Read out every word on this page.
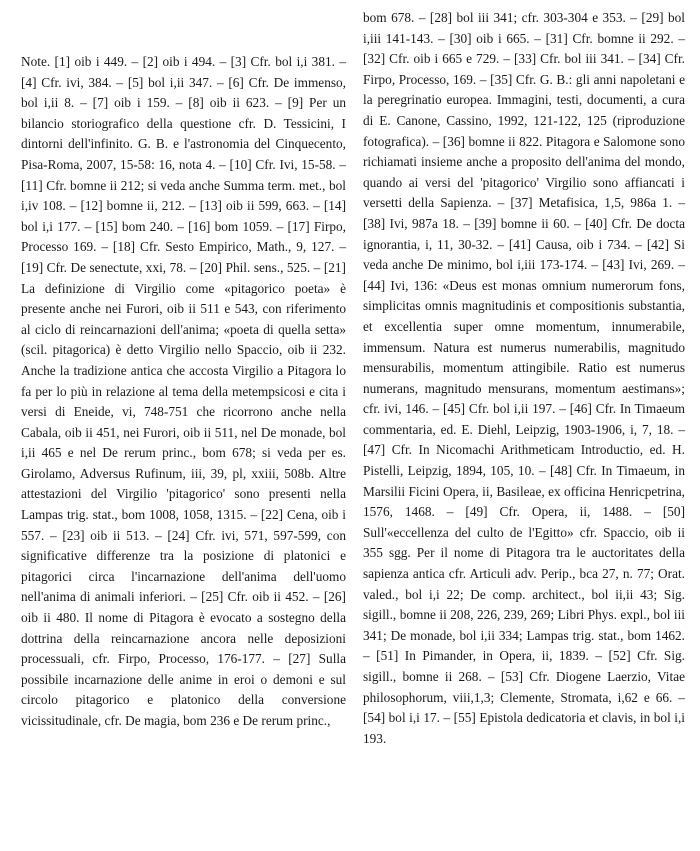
Note. [1] oib i 449. – [2] oib i 494. – [3] Cfr. bol i,i 381. – [4] Cfr. ivi, 384. – [5] bol i,ii 347. – [6] Cfr. De immenso, bol i,ii 8. – [7] oib i 159. – [8] oib ii 623. – [9] Per un bilancio storiografico della questione cfr. D. Tessicini, I dintorni dell'infinito. G. B. e l'astronomia del Cinquecento, Pisa-Roma, 2007, 15-58: 16, nota 4. – [10] Cfr. Ivi, 15-58. – [11] Cfr. bomne ii 212; si veda anche Summa term. met., bol i,iv 108. – [12] bomne ii, 212. – [13] oib ii 599, 663. – [14] bol i,i 177. – [15] bom 240. – [16] bom 1059. – [17] Firpo, Processo 169. – [18] Cfr. Sesto Empirico, Math., 9, 127. – [19] Cfr. De senectute, xxi, 78. – [20] Phil. sens., 525. – [21] La definizione di Virgilio come «pitagorico poeta» è presente anche nei Furori, oib ii 511 e 543, con riferimento al ciclo di reincarnazioni dell'anima; «poeta di quella setta» (scil. pitagorica) è detto Virgilio nello Spaccio, oib ii 232. Anche la tradizione antica che accosta Virgilio a Pitagora lo fa per lo più in relazione al tema della metempsicosi e cita i versi di Eneide, vi, 748-751 che ricorrono anche nella Cabala, oib ii 451, nei Furori, oib ii 511, nel De monade, bol i,ii 465 e nel De rerum princ., bom 678; si veda per es. Girolamo, Adversus Rufinum, iii, 39, pl, xxiii, 508b. Altre attestazioni del Virgilio 'pitagorico' sono presenti nella Lampas trig. stat., bom 1008, 1058, 1315. – [22] Cena, oib i 557. – [23] oib ii 513. – [24] Cfr. ivi, 571, 597-599, con significative differenze tra la posizione di platonici e pitagorici circa l'incarnazione dell'anima dell'uomo nell'anima di animali inferiori. – [25] Cfr. oib ii 452. – [26] oib ii 480. Il nome di Pitagora è evocato a sostegno della dottrina della reincarnazione ancora nelle deposizioni processuali, cfr. Firpo, Processo, 176-177. – [27] Sulla possibile incarnazione delle anime in eroi o demoni e sul circolo pitagorico e platonico della conversione vicissitudinale, cfr. De magia, bom 236 e De rerum princ.,

bom 678. – [28] bol iii 341; cfr. 303-304 e 353. – [29] bol i,iii 141-143. – [30] oib i 665. – [31] Cfr. bomne ii 292. – [32] Cfr. oib i 665 e 729. – [33] Cfr. bol iii 341. – [34] Cfr. Firpo, Processo, 169. – [35] Cfr. G. B.: gli anni napoletani e la peregrinatio europea. Immagini, testi, documenti, a cura di E. Canone, Cassino, 1992, 121-122, 125 (riproduzione fotografica). – [36] bomne ii 822. Pitagora e Salomone sono richiamati insieme anche a proposito dell'anima del mondo, quando ai versi del 'pitagorico' Virgilio sono affiancati i versetti della Sapienza. – [37] Metafisica, 1,5, 986a 1. – [38] Ivi, 987a 18. – [39] bomne ii 60. – [40] Cfr. De docta ignorantia, i, 11, 30-32. – [41] Causa, oib i 734. – [42] Si veda anche De minimo, bol i,iii 173-174. – [43] Ivi, 269. – [44] Ivi, 136: «Deus est monas omnium numerorum fons, simplicitas omnis magnitudinis et compositionis substantia, et excellentia super omne momentum, innumerabile, immensum. Natura est numerus numerabilis, magnitudo mensurabilis, momentum attingibile. Ratio est numerus numerans, magnitudo mensurans, momentum aestimans»; cfr. ivi, 146. – [45] Cfr. bol i,ii 197. – [46] Cfr. In Timaeum commentaria, ed. E. Diehl, Leipzig, 1903-1906, i, 7, 18. – [47] Cfr. In Nicomachi Arithmeticam Introductio, ed. H. Pistelli, Leipzig, 1894, 105, 10. – [48] Cfr. In Timaeum, in Marsilii Ficini Opera, ii, Basileae, ex officina Henricpetrina, 1576, 1468. – [49] Cfr. Opera, ii, 1488. – [50] Sull'«eccellenza del culto de l'Egitto» cfr. Spaccio, oib ii 355 sgg. Per il nome di Pitagora tra le auctoritates della sapienza antica cfr. Articuli adv. Perip., bca 27, n. 77; Orat. valed., bol i,i 22; De comp. architect., bol ii,ii 43; Sig. sigill., bomne ii 208, 226, 239, 269; Libri Phys. expl., bol iii 341; De monade, bol i,ii 334; Lampas trig. stat., bom 1462. – [51] In Pimander, in Opera, ii, 1839. – [52] Cfr. Sig. sigill., bomne ii 268. – [53] Cfr. Diogene Laerzio, Vitae philosophorum, viii,1,3; Clemente, Stromata, i,62 e 66. – [54] bol i,i 17. – [55] Epistola dedicatoria et clavis, in bol i,i 193.
